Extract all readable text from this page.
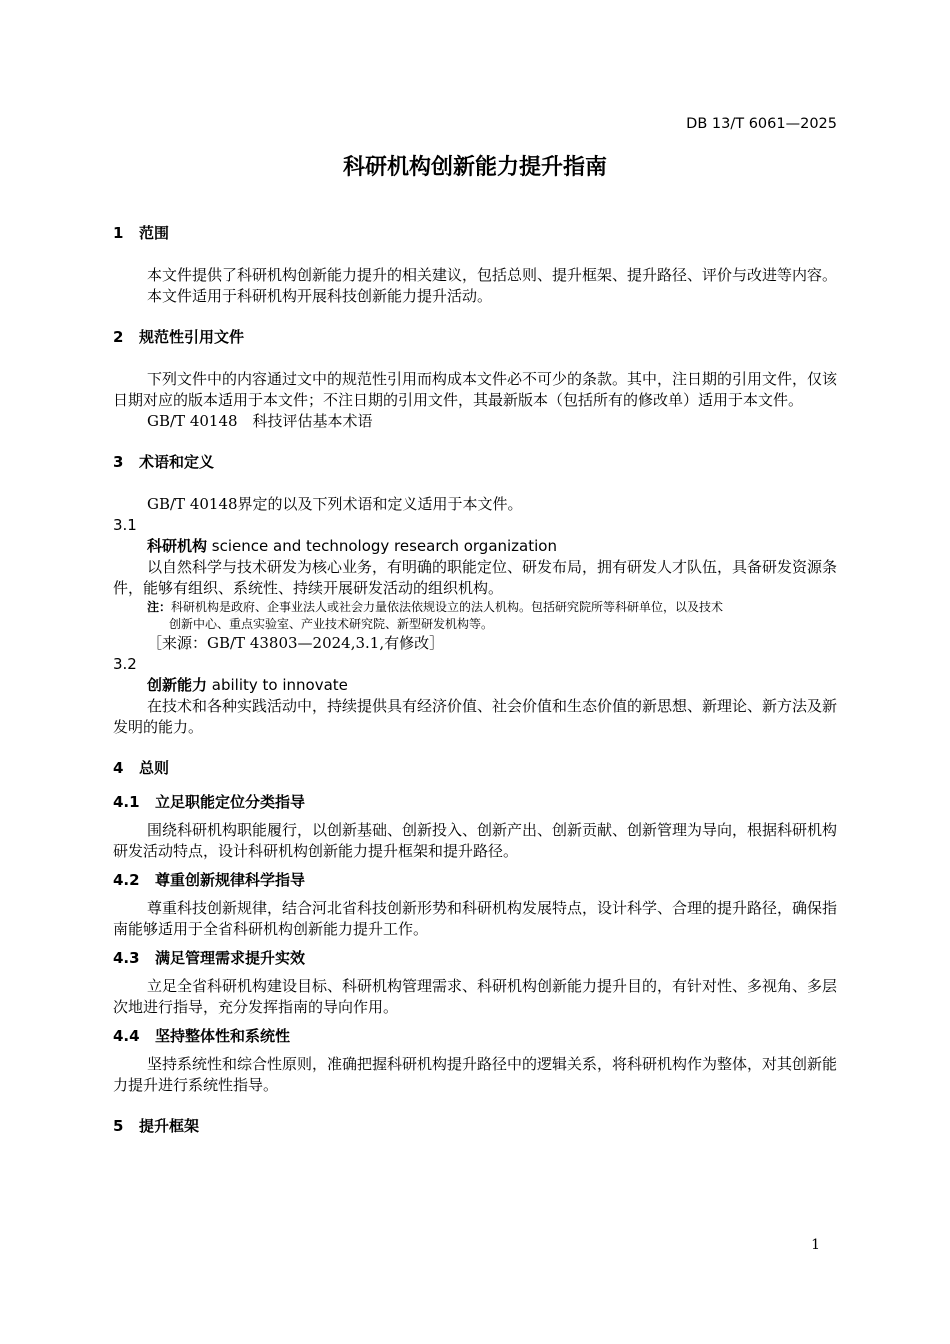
DB 13/T 6061—2025
科研机构创新能力提升指南
1 范围
本文件提供了科研机构创新能力提升的相关建议，包括总则、提升框架、提升路径、评价与改进等内容。
本文件适用于科研机构开展科技创新能力提升活动。
2 规范性引用文件
下列文件中的内容通过文中的规范性引用而构成本文件必不可少的条款。其中，注日期的引用文件，仅该日期对应的版本适用于本文件；不注日期的引用文件，其最新版本（包括所有的修改单）适用于本文件。
GB/T 40148　科技评估基本术语
3 术语和定义
GB/T 40148界定的以及下列术语和定义适用于本文件。
3.1
科研机构 science and technology research organization
以自然科学与技术研发为核心业务，有明确的职能定位、研发布局，拥有研发人才队伍，具备研发资源条件，能够有组织、系统性、持续开展研发活动的组织机构。
注：科研机构是政府、企事业法人或社会力量依法依规设立的法人机构。包括研究院所等科研单位，以及技术
创新中心、重点实验室、产业技术研究院、新型研发机构等。
［来源：GB/T 43803—2024,3.1,有修改］
3.2
创新能力 ability to innovate
在技术和各种实践活动中，持续提供具有经济价值、社会价值和生态价值的新思想、新理论、新方法及新发明的能力。
4 总则
4.1 立足职能定位分类指导
围绕科研机构职能履行，以创新基础、创新投入、创新产出、创新贡献、创新管理为导向，根据科研机构研发活动特点，设计科研机构创新能力提升框架和提升路径。
4.2 尊重创新规律科学指导
尊重科技创新规律，结合河北省科技创新形势和科研机构发展特点，设计科学、合理的提升路径，确保指南能够适用于全省科研机构创新能力提升工作。
4.3 满足管理需求提升实效
立足全省科研机构建设目标、科研机构管理需求、科研机构创新能力提升目的，有针对性、多视角、多层次地进行指导，充分发挥指南的导向作用。
4.4 坚持整体性和系统性
坚持系统性和综合性原则，准确把握科研机构提升路径中的逻辑关系，将科研机构作为整体，对其创新能力提升进行系统性指导。
5 提升框架
1
